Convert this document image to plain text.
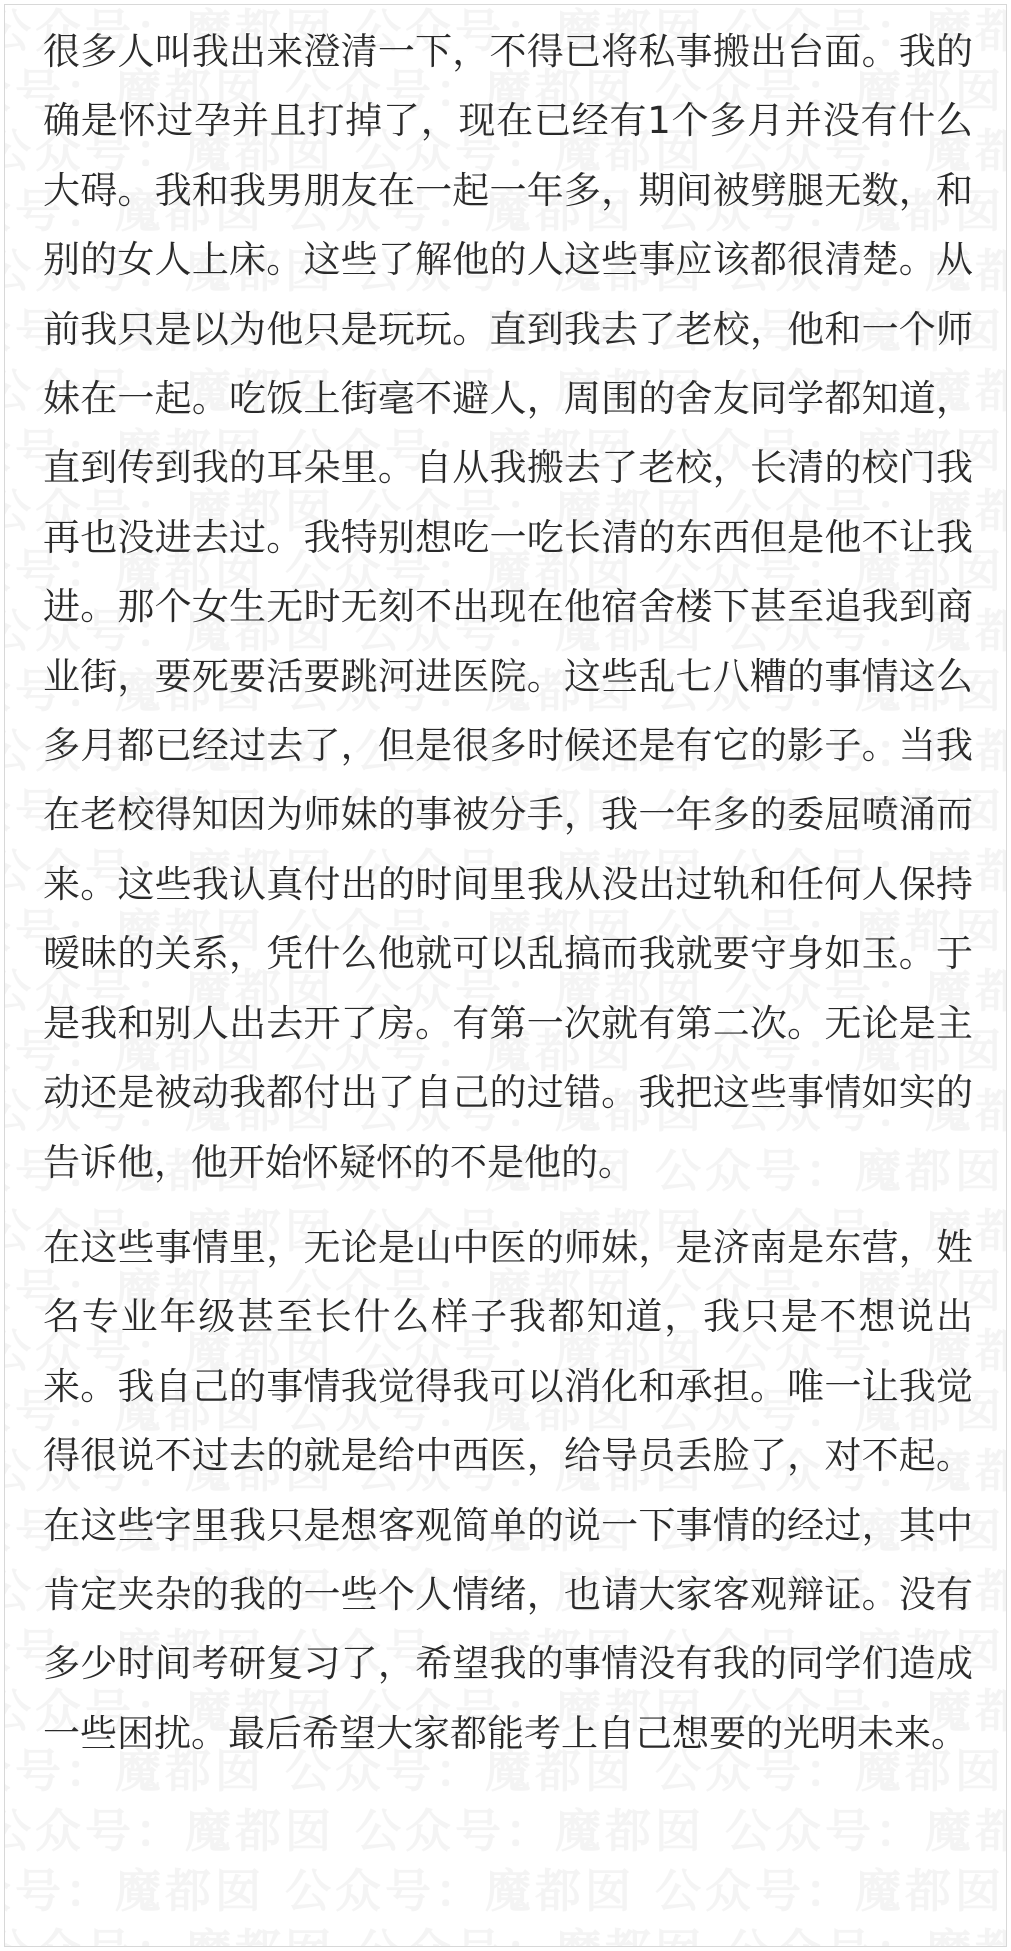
很多人叫我出来澄清一下，不得已将私事搬出台面。我的确是怀过孕并且打掉了，现在已经有1个多月并没有什么大碍。我和我男朋友在一起一年多，期间被劈腿无数，和别的女人上床。这些了解他的人这些事应该都很清楚。从前我只是以为他只是玩玩。直到我去了老校，他和一个师妹在一起。吃饭上街毫不避人，周围的舍友同学都知道，直到传到我的耳朵里。自从我搬去了老校，长清的校门我再也没进去过。我特别想吃一吃长清的东西但是他不让我进。那个女生无时无刻不出现在他宿舍楼下甚至追我到商业街，要死要活要跳河进医院。这些乱七八糟的事情这么多月都已经过去了，但是很多时候还是有它的影子。当我在老校得知因为师妹的事被分手，我一年多的委屈喷涌而来。这些我认真付出的时间里我从没出过轨和任何人保持暧昧的关系，凭什么他就可以乱搞而我就要守身如玉。于是我和别人出去开了房。有第一次就有第二次。无论是主动还是被动我都付出了自己的过错。我把这些事情如实的告诉他，他开始怀疑怀的不是他的。

在这些事情里，无论是山中医的师妹，是济南是东营，姓名专业年级甚至长什么样子我都知道，我只是不想说出来。我自己的事情我觉得我可以消化和承担。唯一让我觉得很说不过去的就是给中西医，给导员丢脸了，对不起。在这些字里我只是想客观简单的说一下事情的经过，其中肯定夹杂的我的一些个人情绪，也请大家客观辩证。没有多少时间考研复习了，希望我的事情没有我的同学们造成一些困扰。最后希望大家都能考上自己想要的光明未来。
